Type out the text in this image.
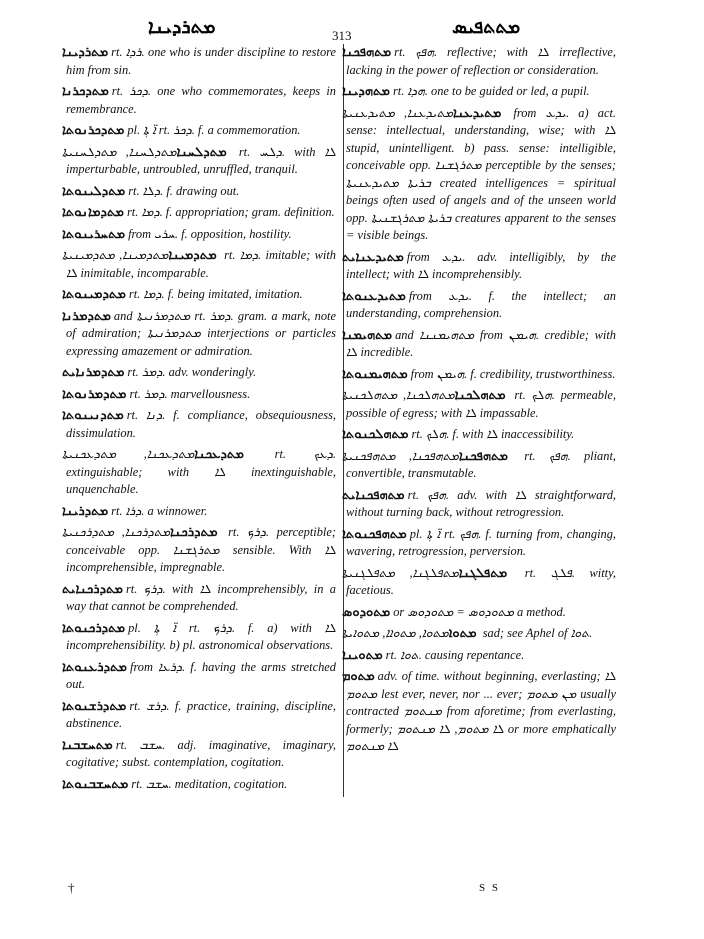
ܡܬܪܕܝܢܐ	313	ܡܬܬܦܝܣ

ܡܬܪܕܝܢܐ rt. ܪܕܐ. one who is under discipline to restore him from sin.

ܡܬܕܟܪܢܐ rt. ܕܟܪ. one who commemorates, keeps in remembrance.

ܡܬܕܟܪܢܘܬܐ pl. ܼܐ̈ ܬܐ rt. ܕܟܪ. f. a commemoration.

ܡܬܕܠܚܢܐܡܬܕܠܚܢܐ, ܡܬܕܠܚܢܝܬܐ rt. ܕܠܚ. with ܠܐ imperturbable, untroubled, unruffled, tranquil.

ܡܬܕܠܝܢܘܬܐ rt. ܕܠܐ. f. drawing out.

ܡܬܕܡܐܢܘܬܐ rt. ܕܡܐ. f. appropriation; gram. definition.

ܡܬܚܪܝܢܘܬܐ from ܚܪܝ. f. opposition, hostility.

ܡܬܕܡܝܢܐܡܬܕܡܝܢܐ, ܡܬܕܡܝܢܝܬܐ rt. ܕܡܐ. imitable; with ܠܐ inimitable, incomparable.

ܡܬܕܡܝܢܘܬܐ rt. ܕܡܐ. f. being imitated, imitation.

ܡܬܕܡܪܢܐ and ܡܬܕܡܪܢܝܬܐ rt. ܕܡܪ. gram. a mark, note of admiration; ܡܬܕܡܪܢܝܬܐ interjections or particles expressing amazement or admiration.

ܡܬܕܡܪܢܐܝܬ rt. ܕܡܪ. adv. wonderingly.

ܡܬܕܡܪܢܘܬܐ rt. ܕܡܪ. marvellousness.

ܡܬܕܢܝܢܘܬܐ rt. ܕܢܐ. f. compliance, obsequiousness, dissimulation.

ܡܬܕܥܟܢܐܡܬܕܥܟܢܐ, ܡܬܕܥܟܢܝܬܐ rt. ܕܥܟ. extinguishable; with ܠܐ inextinguishable, unquenchable.

ܡܬܕܪܝܢܐ rt. ܕܪܐ. a winnower.

ܡܬܕܪܟܢܐܡܬܕܪܟܢܐ, ܡܬܕܪܟܢܝܬܐ rt. ܕܪܟ. perceptible; conceivable opp. ܡܬܪܓܫܢܐ sensible. With ܠܐ incomprehensible, impregnable.

ܡܬܕܪܟܢܐܝܬ rt. ܕܪܟ. with ܠܐ incomprehensibly, in a way that cannot be comprehended.

ܡܬܕܪܟܢܘܬܐ pl. ܼܐ̈ ܬܐ rt. ܕܪܟ. f. a) with ܠܐ incomprehensibility. b) pl. astronomical observations.

ܡܬܕܪܥܢܘܬܐ from ܕܪܥܐ. f. having the arms stretched out.

ܡܬܕܪܫܢܘܬܐ rt. ܕܪܫ. f. practice, training, discipline, abstinence.

ܡܬܚܫܒܢܐ rt. ܚܫܒ. adj. imaginative, imaginary, cogitative; subst. contemplation, cogitation.

ܡܬܚܫܒܢܘܬܐ rt. ܚܫܒ. meditation, cogitation.

ܡܬܗܦܟܢܐ rt. ܗܦܟ. reflective; with ܠܐ irreflective, lacking in the power of reflection or consideration.

ܡܬܗܕܝܢܐ rt. ܗܕܐ. one to be guided or led, a pupil.

ܡܬܝܕܥܢܐܡܬܝܕܥܢܐ, ܡܬܝܕܥܢܝܬܐ from ܝܕܥ. a) act. sense: intellectual, understanding, wise; with ܠܐ stupid, unintelligent. b) pass. sense: intelligible, conceivable opp. ܡܬܪܓܫܢܐ perceptible by the senses; ܒܪܝܬܐ ܡܬܝܕܥܢܝܬܐ created intelligences = spiritual beings often used of angels and of the unseen world opp. ܒܪܝܬܐ ܡܬܪܓܫܢܝܬܐ creatures apparent to the senses = visible beings.

ܡܬܝܕܥܢܐܝܬ from ܝܕܥ. adv. intelligibly, by the intellect; with ܠܐ incomprehensibly.

ܡܬܝܕܥܢܘܬܐ from ܝܕܥ. f. the intellect; an understanding, comprehension.

ܡܬܗܝܡܢܐ and ܡܬܗܝܡܢܢܐ from ܗܝܡܢ. credible; with ܠܐ incredible.

ܡܬܗܝܡܢܘܬܐ from ܗܝܡܢ. f. credibility, trustworthiness.

ܡܬܗܠܟܢܐܡܬܗܠܟܢܐ, ܡܬܗܠܟܢܝܬܐ rt. ܗܠܟ. permeable, possible of egress; with ܠܐ impassable.

ܡܬܗܠܟܢܘܬܐ rt. ܗܠܟ. f. with ܠܐ inaccessibility.

ܡܬܗܦܟܢܐܡܬܗܦܟܢܐ, ܡܬܗܦܟܢܝܬܐ rt. ܗܦܟ. pliant, convertible, transmutable.

ܡܬܗܦܟܢܐܝܬ rt. ܗܦܟ. adv. with ܠܐ straightforward, without turning back, without retrogression.

ܡܬܗܦܟܢܘܬܐ pl. ܼܐ̈ ܬܐ rt. ܗܦܟ. f. turning from, changing, wavering, retrogression, perversion.

ܡܬܦܠܓܢܐܡܬܦܠܓܢܐ, ܡܬܦܠܓܢܝܬܐ rt. ܦܠܓ. witty, facetious.

ܡܬܘܕܘܣ or ܡܬܘܕܘܣ = ܡܬܘܕܘܣ a method.

ܡܬܘܐܡܬܘܐ, ܡܬܘܐܐ, ܡܬܘܐܝܬܐ sad; see Aphel of ܬܘܐ.

ܡܬܘܝܢܐ rt. ܬܘܐ. causing repentance.

ܡܬܘܡ adv. of time. without beginning, everlasting; ܠܐ ܡܬܘܡ lest ever, never, nor ... ever; ܡܢ ܡܬܘܡ usually contracted ܡܢܬܘܡ from aforetime; from everlasting, formerly; ܠܐ ܡܬܘܡ, ܠܐ ܡܢܬܘܡ or more emphatically ܠܐ ܡܢܬܘܡ

†	S S
